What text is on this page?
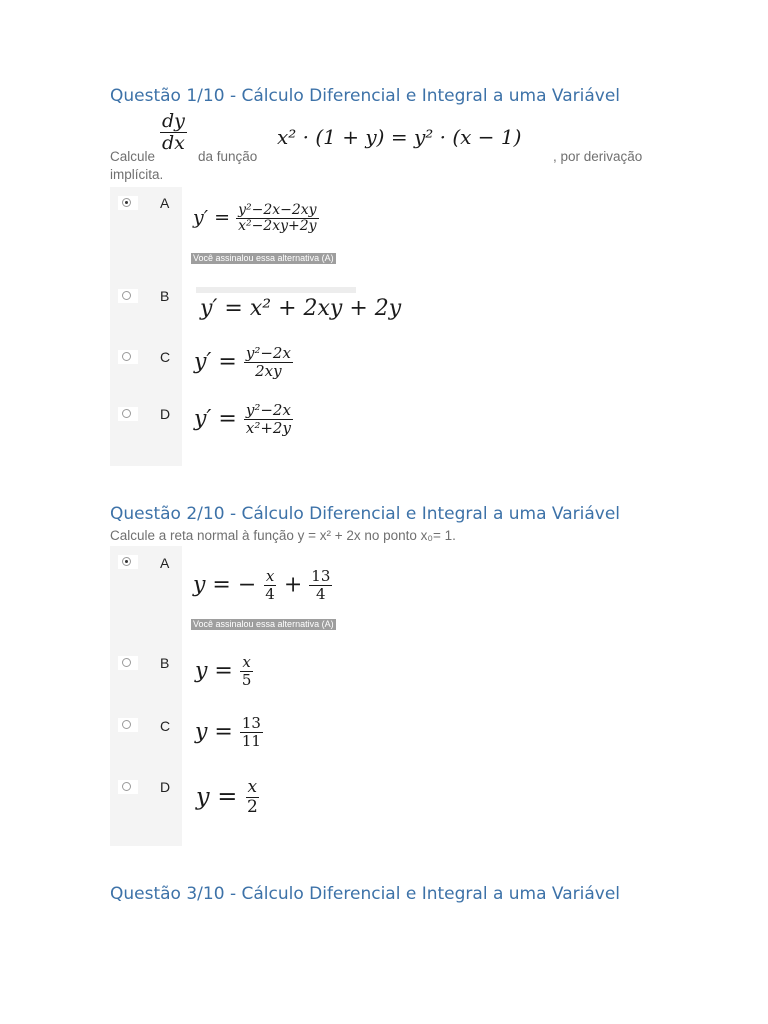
Questão 1/10 - Cálculo Diferencial e Integral a uma Variável
Calcule
$\frac{dy}{dx}$
da função
x² · (1 + y) = y² · (x − 1)
, por derivação
implícita.
A
$y' = \frac{\text{y²−2x−2xy}}{\text{x²−2xy+2y}}$
Você assinalou essa alternativa (A)
B y′ = x² + 2xy + 2y
C $y' = \frac{\text{y²−2x}}{2xy}$
D $y' = \frac{\text{y²−2x}}{\text{x²+2y}}$
Questão 2/10 - Cálculo Diferencial e Integral a uma Variável
Calcule a reta normal à função y = x² + 2x no ponto x₀= 1.
A
y = − $\frac{x}{4} + \frac{13}{4}$
Você assinalou essa alternativa (A)
B $y = \frac{x}{5}$
C $y = \frac{13}{11}$
D $y = \frac{x}{2}$
Questão 3/10 - Cálculo Diferencial e Integral a uma Variável
